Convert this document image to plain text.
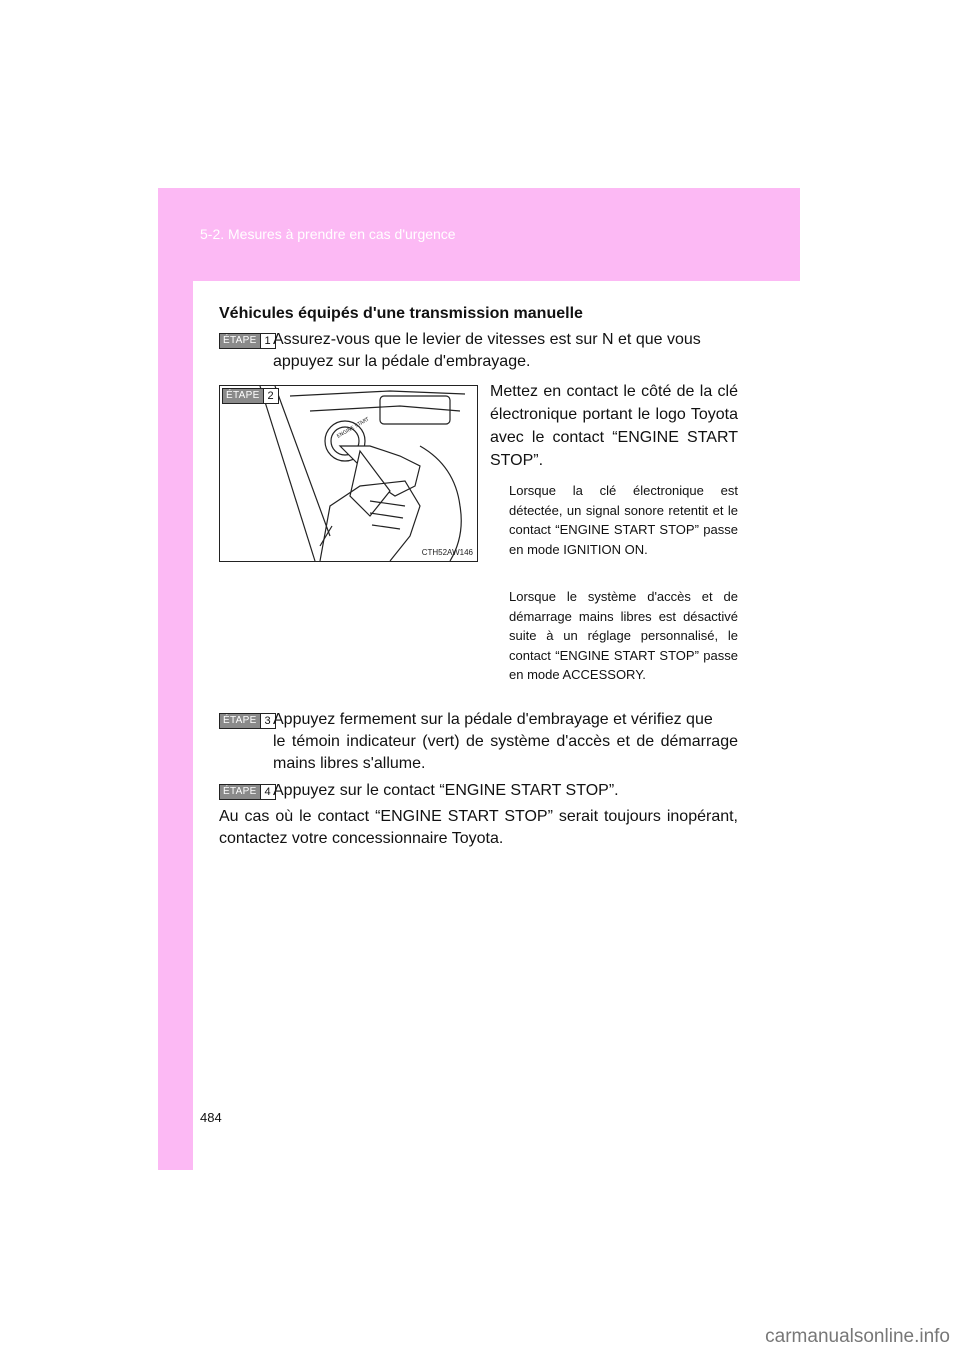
5-2. Mesures à prendre en cas d'urgence
Véhicules équipés d'une transmission manuelle
ÉTAPE 1 Assurez-vous que le levier de vitesses est sur N et que vous
appuyez sur la pédale d'embrayage.
ENGINE START
ÉTAPE 2
CTH52AW146
Mettez en contact le côté de la clé électronique portant le logo Toyota avec le contact “ENGINE START STOP”.
Lorsque la clé électronique est détectée, un signal sonore retentit et le contact “ENGINE START STOP” passe en mode IGNITION ON.
Lorsque le système d'accès et de démarrage mains libres est désactivé suite à un réglage personnalisé, le contact “ENGINE START STOP” passe en mode ACCESSORY.
ÉTAPE 3 Appuyez fermement sur la pédale d'embrayage et vérifiez que
le témoin indicateur (vert) de système d'accès et de démarrage mains libres s'allume.
ÉTAPE 4 Appuyez sur le contact “ENGINE START STOP”.
Au cas où le contact “ENGINE START STOP” serait toujours inopérant, contactez votre concessionnaire Toyota.
484
carmanualsonline.info
